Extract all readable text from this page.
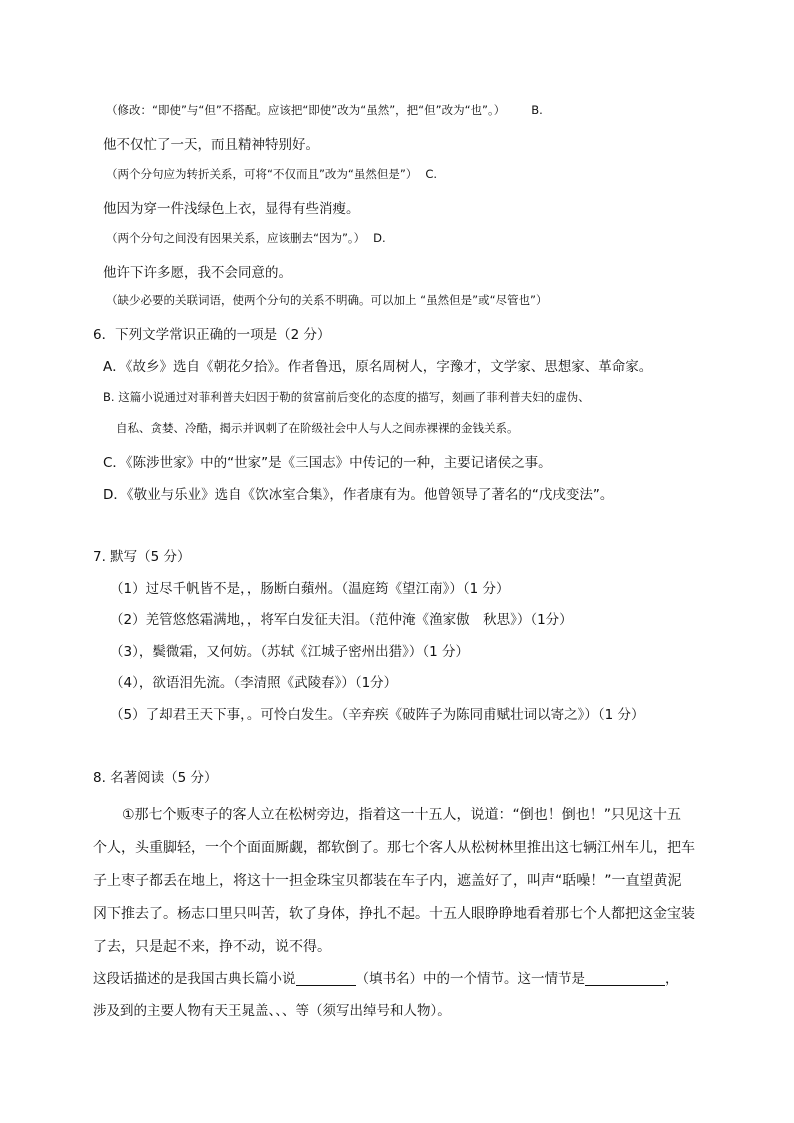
（修改：“即使”与“但”不搭配。应该把“即使”改为“虽然”，把“但”改为“也”。） B.
他不仅忙了一天，而且精神特别好。
（两个分句应为转折关系，可将“不仅而且”改为“虽然但是”） C.
他因为穿一件浅绿色上衣，显得有些消瘦。
（两个分句之间没有因果关系，应该删去“因为”。） D.
他许下许多愿，我不会同意的。
（缺少必要的关联词语，使两个分句的关系不明确。可以加上 “虽然但是”或“尽管也”）
6．下列文学常识正确的一项是（2 分）
A．《故乡》选自《朝花夕拾》。作者鲁迅，原名周树人，字豫才，文学家、思想家、革命家。
B. 这篇小说通过对菲利普夫妇因于勒的贫富前后变化的态度的描写，刻画了菲利普夫妇的虚伪、
自私、贪婪、冷酷，揭示并讽刺了在阶级社会中人与人之间赤裸裸的金钱关系。
C．《陈涉世家》中的“世家”是《三国志》中传记的一种，主要记诸侯之事。
D．《敬业与乐业》选自《饮冰室合集》，作者康有为。他曾领导了著名的“戊戌变法”。
7. 默写（5 分）
（1）过尽千帆皆不是，，肠断白蘋州。（温庭筠《望江南》）（1 分）
（2）羌管悠悠霜满地，，将军白发征夫泪。（范仲淹《渔家傲　秋思》）（1分）
（3），鬓微霜，又何妨。（苏轼《江城子密州出猎》）（1 分）
（4），欲语泪先流。（李清照《武陵春》）（1分）
（5）了却君王天下事，。可怜白发生。（辛弃疾《破阵子为陈同甫赋壮词以寄之》）（1 分）
8. 名著阅读（5 分）
①那七个贩枣子的客人立在松树旁边，指着这一十五人，说道：“倒也！倒也！”只见这十五
个人，头重脚轻，一个个面面厮觑，都软倒了。那七个客人从松树林里推出这七辆江州车儿，把车
子上枣子都丢在地上，将这十一担金珠宝贝都装在车子内，遮盖好了，叫声“聒噪！”一直望黄泥
冈下推去了。杨志口里只叫苦，软了身体，挣扎不起。十五人眼睁睁地看着那七个人都把这金宝装
了去，只是起不来，挣不动，说不得。
这段话描述的是我国古典长篇小说	（填书名）中的一个情节。这一情节是	，
涉及到的主要人物有天王晁盖、、、等（须写出绰号和人物）。
